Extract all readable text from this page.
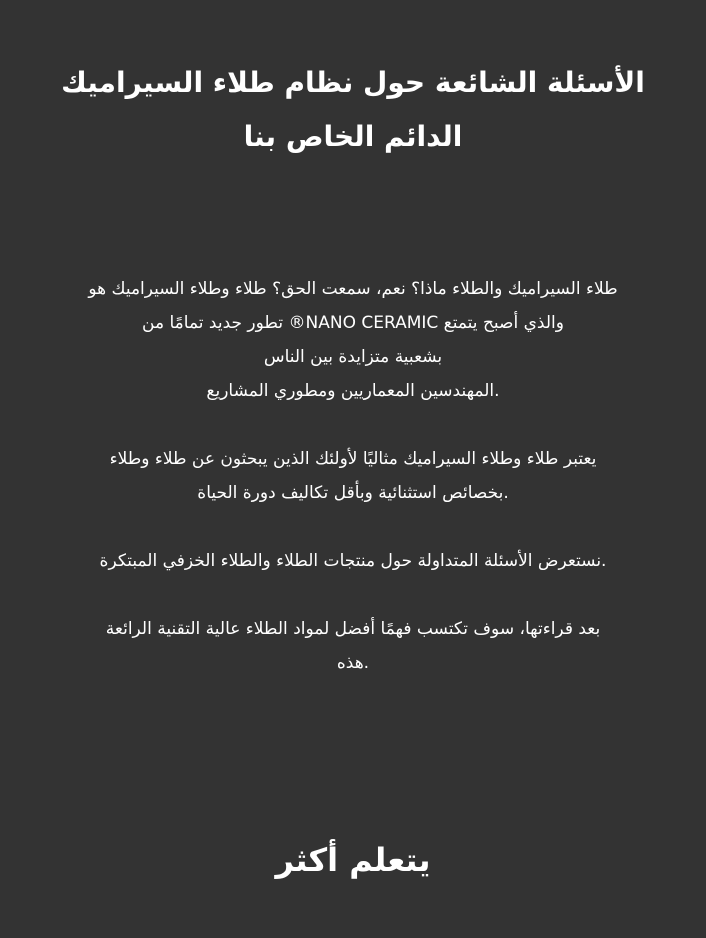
الأسئلة الشائعة حول نظام طلاء السيراميك
الدائم الخاص بنا

طلاء السيراميك والطلاء ماذا؟ نعم، سمعت الحق؟ طلاء وطلاء السيراميك هو
والذي أصبح يتمتع NANO CERAMIC® تطور جديد تمامًا من
بشعبية متزايدة بين الناس
.المهندسين المعماريين ومطوري المشاريع

يعتبر طلاء وطلاء السيراميك مثاليًا لأولئك الذين يبحثون عن طلاء وطلاء
.بخصائص استثنائية وبأقل تكاليف دورة الحياة

.نستعرض الأسئلة المتداولة حول منتجات الطلاء والطلاء الخزفي المبتكرة

بعد قراءتها، سوف تكتسب فهمًا أفضل لمواد الطلاء عالية التقنية الرائعة
.هذه

يتعلم أكثر
